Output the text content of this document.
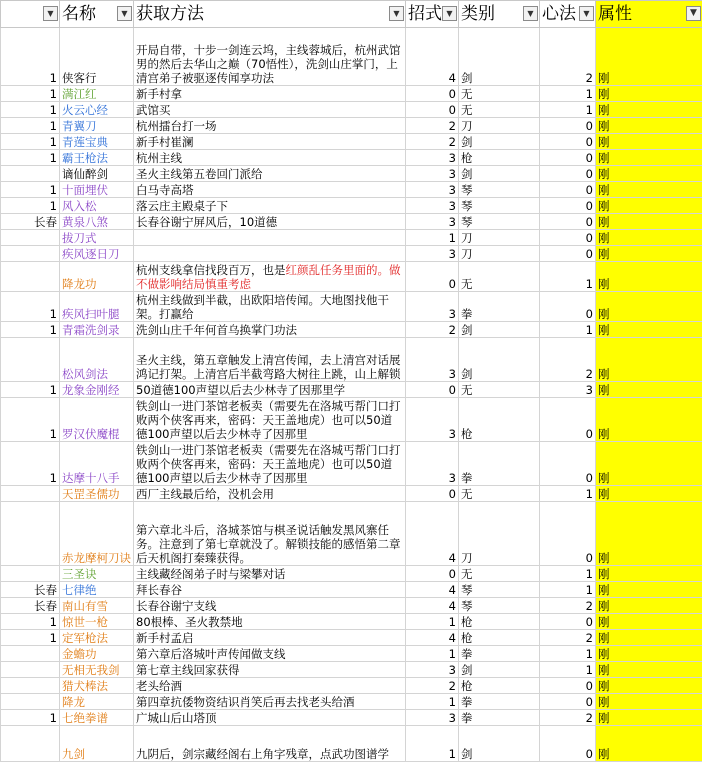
▼	名称 ▼	获取方法 ▼	招式 ▼	类别 ▼	心法 ▼	属性 ▼

1	侠客行	开局自带，十步一剑连云坞，主线蓉城后，杭州武馆男的然后去华山之巅（70悟性），洗剑山庄掌门，上清宫弟子被驱逐传闻享功法	4	剑	2	刚
1	满江红	新手村拿	0	无	1	刚
1	火云心经	武馆买	0	无	1	刚
1	青翼刀	杭州擂台打一场	2	刀	0	刚
1	青莲宝典	新手村崔澜	2	剑	0	刚
1	霸王枪法	杭州主线	3	枪	0	刚
	谪仙醉剑	圣火主线第五卷回门派给	3	剑	0	刚
1	十面埋伏	白马寺高塔	3	琴	0	刚
1	风入松	落云庄主殿桌子下	3	琴	0	刚
长春	黄泉八煞	长春谷谢宁屏风后，10道德	3	琴	0	刚
	拔刀式		1	刀	0	刚
	疾风逐日刀		3	刀	0	刚
	降龙功	杭州支线拿信找段百万，也是红颜乱任务里面的。做不做影响结局慎重考虑	0	无	1	刚
1	疾风扫叶腿	杭州主线做到半截，出欧阳培传闻。大地图找他干架。打赢给	3	拳	0	刚
1	青霜洗剑录	洗剑山庄千年何首乌换掌门功法	2	剑	1	刚
	松风剑法	圣火主线，第五章触发上清宫传闻，去上清宫对话展鸿记打架。上清宫后半截弯路大树往上跳，山上解锁	3	剑	2	刚
1	龙象金刚经	50道德100声望以后去少林寺了因那里学	0	无	3	刚
1	罗汉伏魔棍	铁剑山一进门茶馆老板卖（需要先在洛城丐帮门口打败两个侠客再来，密码：天王盖地虎）也可以50道德100声望以后去少林寺了因那里	3	枪	0	刚
1	达摩十八手	铁剑山一进门茶馆老板卖（需要先在洛城丐帮门口打败两个侠客再来，密码：天王盖地虎）也可以50道德100声望以后去少林寺了因那里	3	拳	0	刚
	天罡圣儒功	西厂主线最后给，没机会用	0	无	1	刚
	赤龙摩柯刀诀	第六章北斗后，洛城茶馆与棋圣说话触发黑风寨任务。注意到了第七章就没了。解锁技能的感悟第二章后天机阁打秦臻获得。	4	刀	0	刚
	三圣诀	主线藏经阁弟子时与梁攀对话	0	无	1	刚
长春	七律绝	拜长春谷	4	琴	1	刚
长春	南山有雪	长春谷谢宁支线	4	琴	2	刚
1	惊世一枪	80根棒、圣火教禁地	1	枪	0	刚
1	定军枪法	新手村孟启	4	枪	2	刚
	金蟾功	第六章后洛城叶声传闻做支线	1	拳	1	刚
	无相无我剑	第七章主线回家获得	3	剑	1	刚
	猎犬棒法	老头给酒	2	枪	0	刚
	降龙	第四章抗倭物资结识肖笑后再去找老头给酒	1	拳	0	刚
1	七绝拳谱	广城山后山塔顶	3	拳	2	刚
	九剑	九阴后，剑宗藏经阁右上角字残章，点武功图谱学	1	剑	0	刚
